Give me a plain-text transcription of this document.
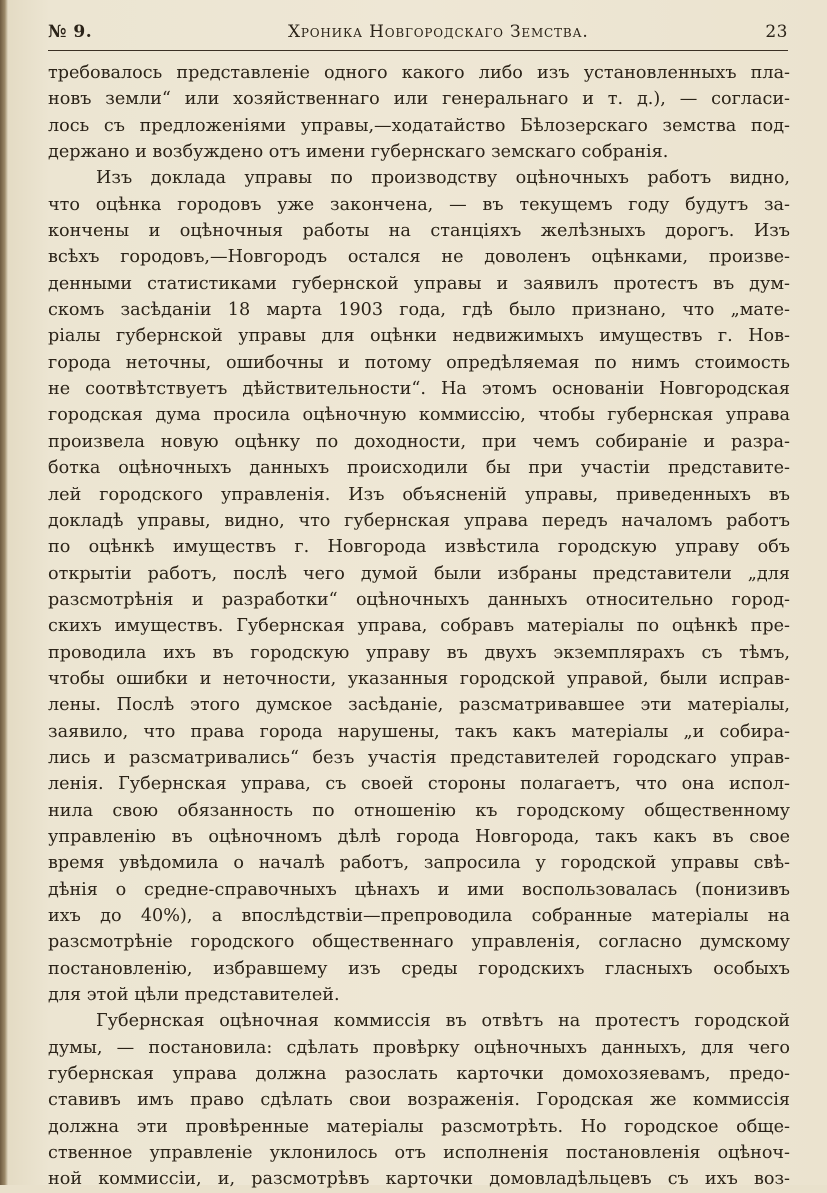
№ 9.	Хроника Новгородскаго Земства.	23
требовалось представленіе одного какого либо изъ установленныхъ пла-
новъ земли“ или хозяйственнаго или генеральнаго и т. д.), — согласи-
лось съ предложеніями управы,—ходатайство Бѣлозерскаго земства под-
держано и возбуждено отъ имени губернскаго земскаго собранія.
Изъ доклада управы по производству оцѣночныхъ работъ видно,
что оцѣнка городовъ уже закончена, — въ текущемъ году будутъ за-
кончены и оцѣночныя работы на станціяхъ желѣзныхъ дорогъ. Изъ
всѣхъ городовъ,—Новгородъ остался не доволенъ оцѣнками, произве-
денными статистиками губернской управы и заявилъ протестъ въ дум-
скомъ засѣданіи 18 марта 1903 года, гдѣ было признано, что „мате-
ріалы губернской управы для оцѣнки недвижимыхъ имуществъ г. Нов-
города неточны, ошибочны и потому опредѣляемая по нимъ стоимость
не соотвѣтствуетъ дѣйствительности“. На этомъ основаніи Новгородская
городская дума просила оцѣночную коммиссію, чтобы губернская управа
произвела новую оцѣнку по доходности, при чемъ собираніе и разра-
ботка оцѣночныхъ данныхъ происходили бы при участіи представите-
лей городского управленія. Изъ объясненій управы, приведенныхъ въ
докладѣ управы, видно, что губернская управа передъ началомъ работъ
по оцѣнкѣ имуществъ г. Новгорода извѣстила городскую управу объ
открытіи работъ, послѣ чего думой были избраны представители „для
разсмотрѣнія и разработки“ оцѣночныхъ данныхъ относительно город-
скихъ имуществъ. Губернская управа, собравъ матеріалы по оцѣнкѣ пре-
проводила ихъ въ городскую управу въ двухъ экземплярахъ съ тѣмъ,
чтобы ошибки и неточности, указанныя городской управой, были исправ-
лены. Послѣ этого думское засѣданіе, разсматривавшее эти матеріалы,
заявило, что права города нарушены, такъ какъ матеріалы „и собира-
лись и разсматривались“ безъ участія представителей городскаго управ-
ленія. Губернская управа, съ своей стороны полагаетъ, что она испол-
нила свою обязанность по отношенію къ городскому общественному
управленію въ оцѣночномъ дѣлѣ города Новгорода, такъ какъ въ свое
время увѣдомила о началѣ работъ, запросила у городской управы свѣ-
дѣнія о средне-справочныхъ цѣнахъ и ими воспользовалась (понизивъ
ихъ до 40%), а впослѣдствіи—препроводила собранные матеріалы на
разсмотрѣніе городского общественнаго управленія, согласно думскому
постановленію, избравшему изъ среды городскихъ гласныхъ особыхъ
для этой цѣли представителей.
Губернская оцѣночная коммиссія въ отвѣтъ на протестъ городской
думы, — постановила: сдѣлать провѣрку оцѣночныхъ данныхъ, для чего
губернская управа должна разослать карточки домохозяевамъ, предо-
ставивъ имъ право сдѣлать свои возраженія. Городская же коммиссія
должна эти провѣренные матеріалы разсмотрѣть. Но городское обще-
ственное управленіе уклонилось отъ исполненія постановленія оцѣноч-
ной коммиссіи, и, разсмотрѣвъ карточки домовладѣльцевъ съ ихъ воз-
